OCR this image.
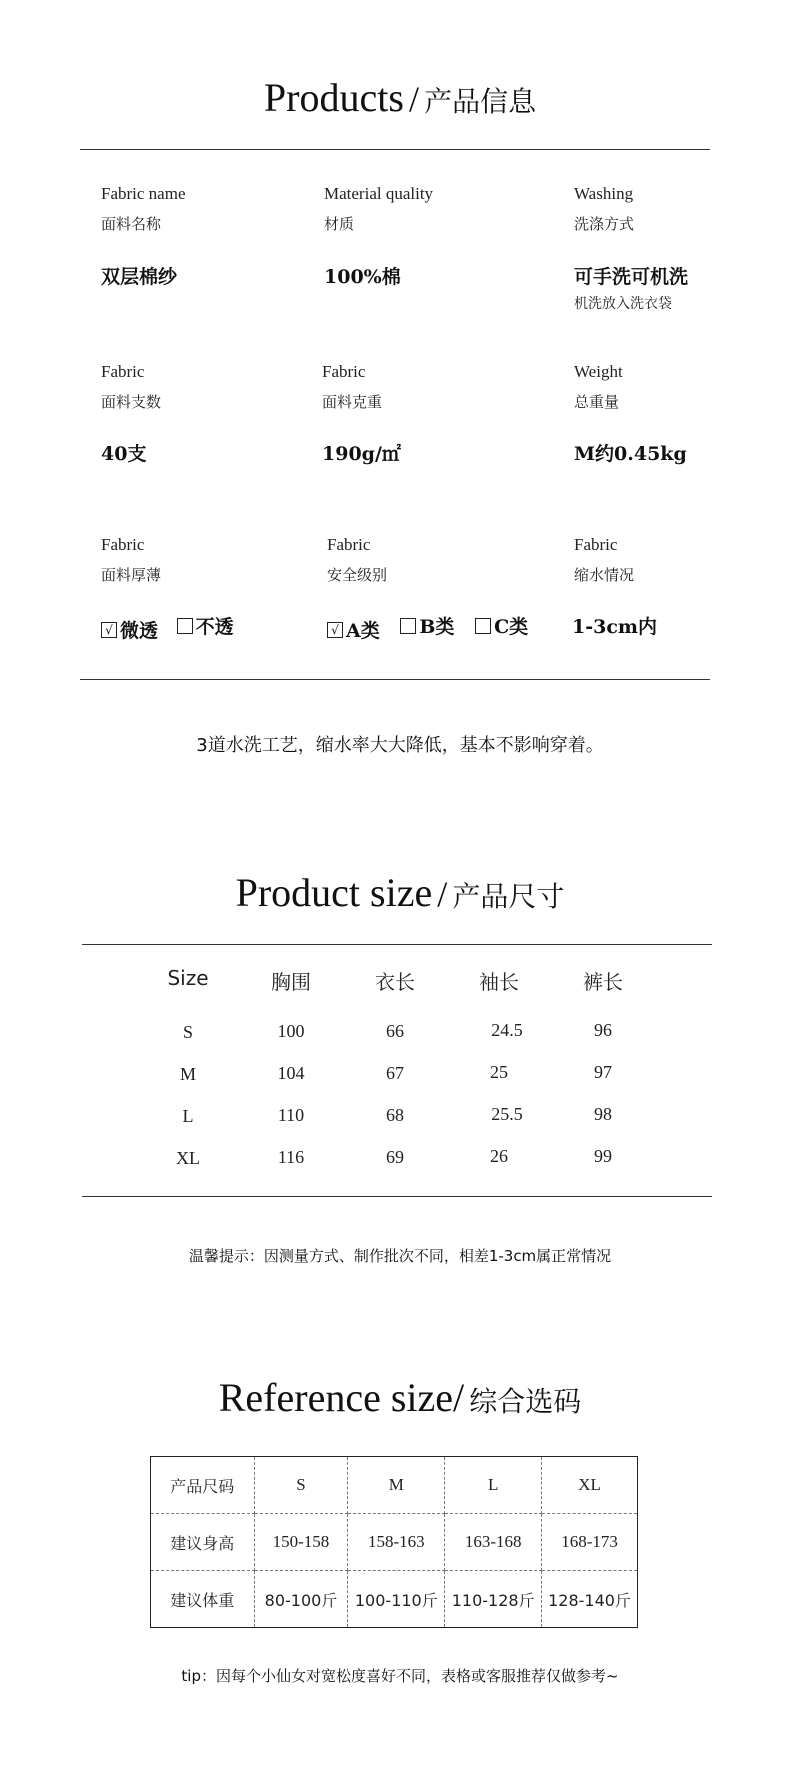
Products / 产品信息
Fabric name
面料名称
双层棉纱
Material quality
材质
100%棉
Washing
洗涤方式
可手洗可机洗
机洗放入洗衣袋
Fabric
面料支数
40支
Fabric
面料克重
190g/㎡
Weight
总重量
M约0.45kg
Fabric
面料厚薄
√ 微透
不透
Fabric
安全级别
√ A类
B类
C类
Fabric
缩水情况
1-3cm内
3道水洗工艺，缩水率大大降低，基本不影响穿着。
Product size / 产品尺寸
Size	胸围	衣长	袖长	裤长
S	100	66	24.5	96
M	104	67	25	97
L	110	68	25.5	98
XL	116	69	26	99
温馨提示：因测量方式、制作批次不同，相差1-3cm属正常情况
Reference size/ 综合选码
产品尺码	S	M	L	XL
建议身高	150-158	158-163	163-168	168-173
建议体重	80-100斤	100-110斤	110-128斤	128-140斤
tip：因每个小仙女对宽松度喜好不同，表格或客服推荐仅做参考~
